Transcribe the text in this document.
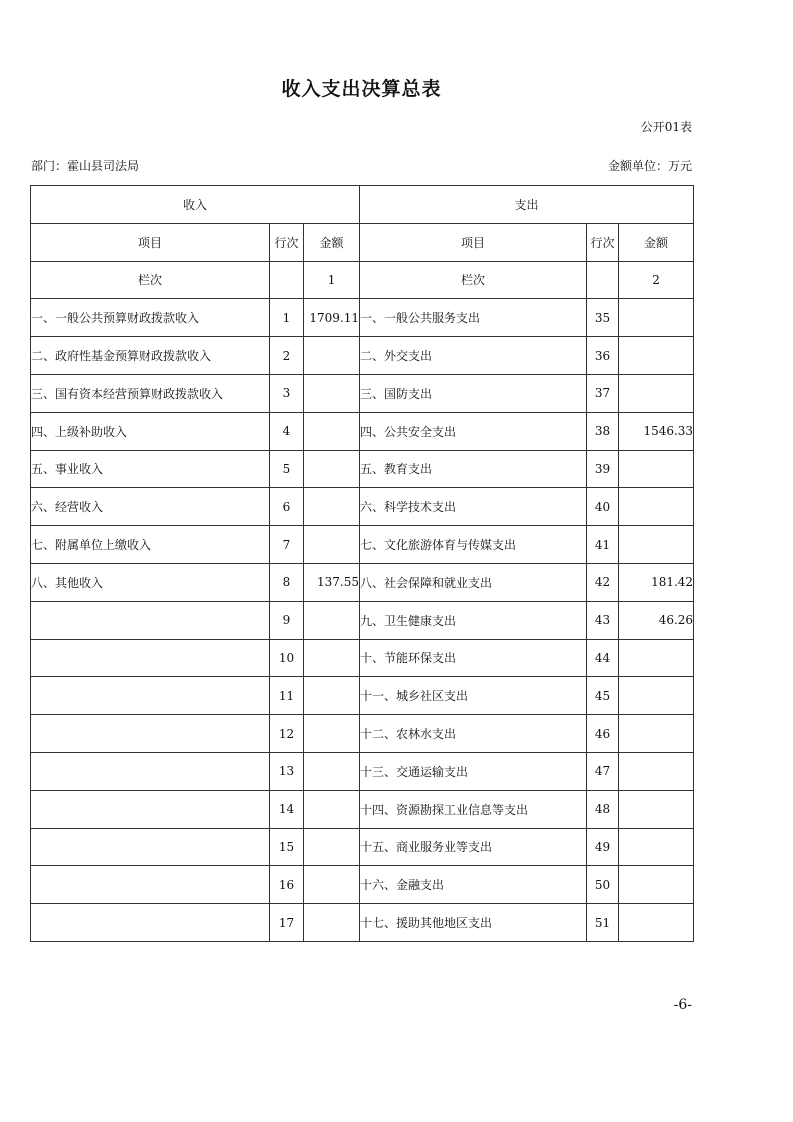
收入支出决算总表
公开01表
部门：霍山县司法局	金额单位：万元
收入			支出		
项目	行次	金额	项目	行次	金额
栏次		1	栏次		2
一、一般公共预算财政拨款收入	1	1709.11	一、一般公共服务支出	35	
二、政府性基金预算财政拨款收入	2		二、外交支出	36	
三、国有资本经营预算财政拨款收入	3		三、国防支出	37	
四、上级补助收入	4		四、公共安全支出	38	1546.33
五、事业收入	5		五、教育支出	39	
六、经营收入	6		六、科学技术支出	40	
七、附属单位上缴收入	7		七、文化旅游体育与传媒支出	41	
八、其他收入	8	137.55	八、社会保障和就业支出	42	181.42
	9		九、卫生健康支出	43	46.26
	10		十、节能环保支出	44	
	11		十一、城乡社区支出	45	
	12		十二、农林水支出	46	
	13		十三、交通运输支出	47	
	14		十四、资源勘探工业信息等支出	48	
	15		十五、商业服务业等支出	49	
	16		十六、金融支出	50	
	17		十七、援助其他地区支出	51	
-6-
